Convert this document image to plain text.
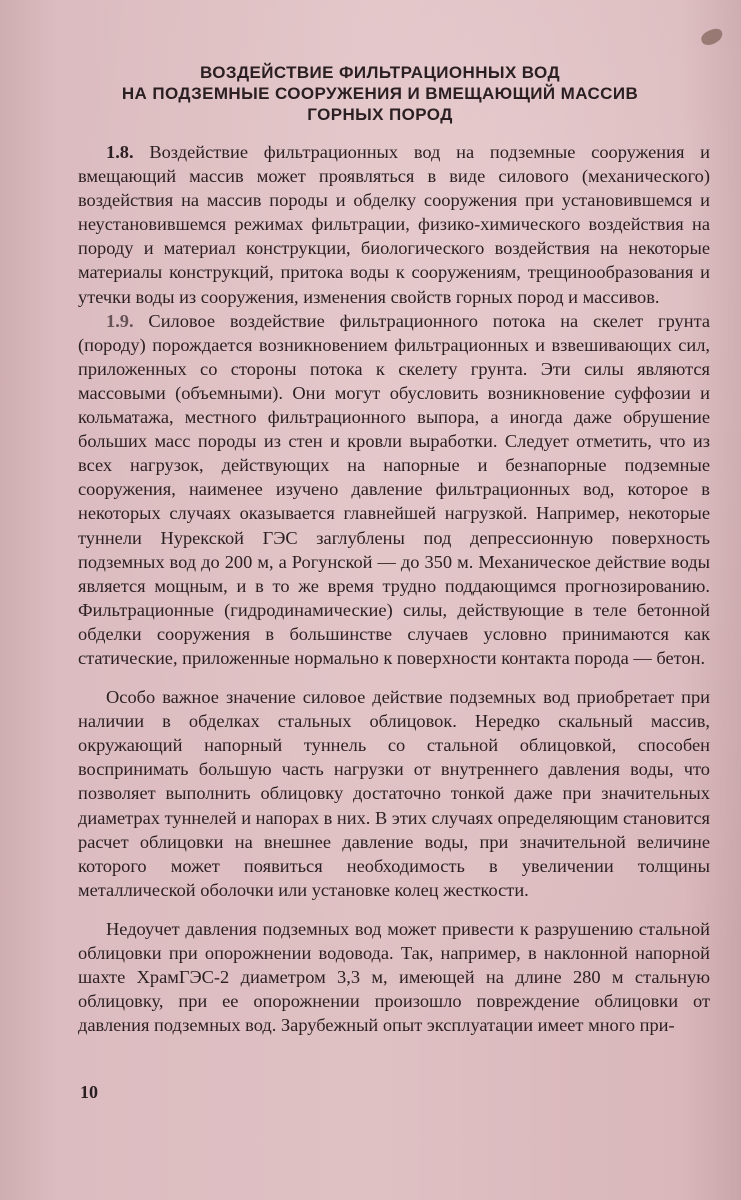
ВОЗДЕЙСТВИЕ ФИЛЬТРАЦИОННЫХ ВОД
НА ПОДЗЕМНЫЕ СООРУЖЕНИЯ И ВМЕЩАЮЩИЙ МАССИВ
ГОРНЫХ ПОРОД

1.8. Воздействие фильтрационных вод на подземные сооружения и вмещающий массив может проявляться в виде силового (механического) воздействия на массив породы и обделку сооружения при установившемся и неустановившемся режимах фильтрации, физико-химического воздействия на породу и материал конструкции, биологического воздействия на некоторые материалы конструкций, притока воды к сооружениям, трещинообразования и утечки воды из сооружения, изменения свойств горных пород и массивов.

1.9. Силовое воздействие фильтрационного потока на скелет грунта (породу) порождается возникновением фильтрационных и взвешивающих сил, приложенных со стороны потока к скелету грунта. Эти силы являются массовыми (объемными). Они могут обусловить возникновение суффозии и кольматажа, местного фильтрационного выпора, а иногда даже обрушение больших масс породы из стен и кровли выработки. Следует отметить, что из всех нагрузок, действующих на напорные и безнапорные подземные сооружения, наименее изучено давление фильтрационных вод, которое в некоторых случаях оказывается главнейшей нагрузкой. Например, некоторые туннели Нурекской ГЭС заглублены под депрессионную поверхность подземных вод до 200 м, а Рогунской — до 350 м. Механическое действие воды является мощным, и в то же время трудно поддающимся прогнозированию. Фильтрационные (гидродинамические) силы, действующие в теле бетонной обделки сооружения в большинстве случаев условно принимаются как статические, приложенные нормально к поверхности контакта порода — бетон.

Особо важное значение силовое действие подземных вод приобретает при наличии в обделках стальных облицовок. Нередко скальный массив, окружающий напорный туннель со стальной облицовкой, способен воспринимать большую часть нагрузки от внутреннего давления воды, что позволяет выполнить облицовку достаточно тонкой даже при значительных диаметрах туннелей и напорах в них. В этих случаях определяющим становится расчет облицовки на внешнее давление воды, при значительной величине которого может появиться необходимость в увеличении толщины металлической оболочки или установке колец жесткости.

Недоучет давления подземных вод может привести к разрушению стальной облицовки при опорожнении водовода. Так, например, в наклонной напорной шахте ХрамГЭС-2 диаметром 3,3 м, имеющей на длине 280 м стальную облицовку, при ее опорожнении произошло повреждение облицовки от давления подземных вод. Зарубежный опыт эксплуатации имеет много при-

10
